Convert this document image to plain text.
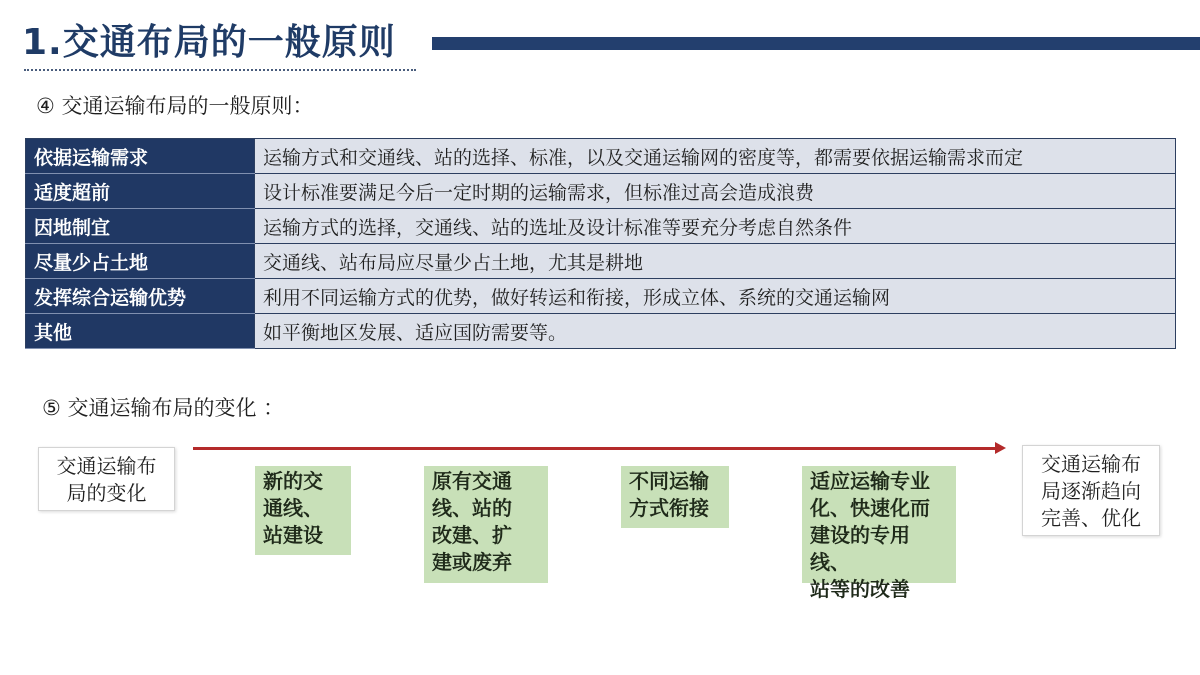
1.交通布局的一般原则
④ 交通运输布局的一般原则：
依据运输需求	运输方式和交通线、站的选择、标准，以及交通运输网的密度等，都需要依据运输需求而定
适度超前	设计标准要满足今后一定时期的运输需求，但标准过高会造成浪费
因地制宜	运输方式的选择，交通线、站的选址及设计标准等要充分考虑自然条件
尽量少占土地	交通线、站布局应尽量少占土地，尤其是耕地
发挥综合运输优势	利用不同运输方式的优势，做好转运和衔接，形成立体、系统的交通运输网
其他	如平衡地区发展、适应国防需要等。
⑤ 交通运输布局的变化 ：
交通运输布
局的变化
交通运输布
局逐渐趋向
完善、优化
新的交
通线、
站建设
原有交通
线、站的
改建、扩
建或废弃
不同运输
方式衔接
适应运输专业
化、快速化而
建设的专用线、
站等的改善
